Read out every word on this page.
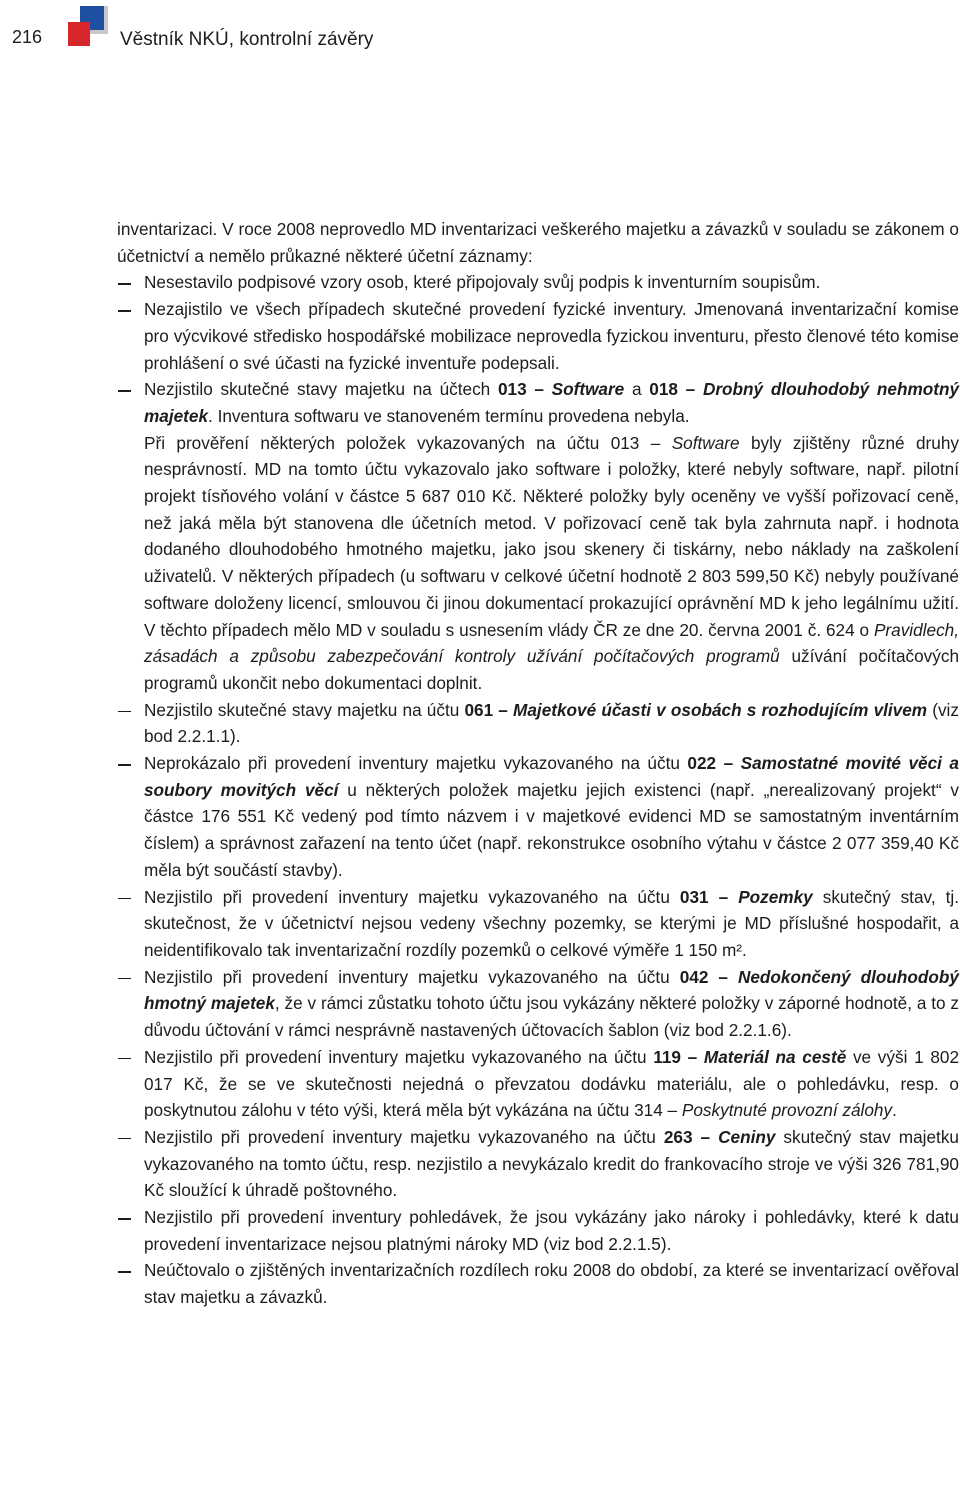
216	Věstník NKÚ, kontrolní závěry

inventarizaci. V roce 2008 neprovedlo MD inventarizaci veškerého majetku a závazků v souladu se zákonem o účetnictví a nemělo průkazné některé účetní záznamy:

Nesestavilo podpisové vzory osob, které připojovaly svůj podpis k inventurním soupisům.
Nezajistilo ve všech případech skutečné provedení fyzické inventury. Jmenovaná inventarizační komise pro výcvikové středisko hospodářské mobilizace neprovedla fyzickou inventuru, přesto členové této komise prohlášení o své účasti na fyzické inventuře podepsali.
Nezjistilo skutečné stavy majetku na účtech 013 – Software a 018 – Drobný dlouhodobý nehmotný majetek. Inventura softwaru ve stanoveném termínu provedena nebyla.

Při prověření některých položek vykazovaných na účtu 013 – Software byly zjištěny různé druhy nesprávností. MD na tomto účtu vykazovalo jako software i položky, které nebyly software, např. pilotní projekt tísňového volání v částce 5 687 010 Kč. Některé položky byly oceněny ve vyšší pořizovací ceně, než jaká měla být stanovena dle účetních metod. V pořizovací ceně tak byla zahrnuta např. i hodnota dodaného dlouhodobého hmotného majetku, jako jsou skenery či tiskárny, nebo náklady na zaškolení uživatelů. V některých případech (u softwaru v celkové účetní hodnotě 2 803 599,50 Kč) nebyly používané software doloženy licencí, smlouvou či jinou dokumentací prokazující oprávnění MD k jeho legálnímu užití. V těchto případech mělo MD v souladu s usnesením vlády ČR ze dne 20. června 2001 č. 624 o Pravidlech, zásadách a způsobu zabezpečování kontroly užívání počítačových programů užívání počítačových programů ukončit nebo dokumentaci doplnit.

Nezjistilo skutečné stavy majetku na účtu 061 – Majetkové účasti v osobách s rozhodujícím vlivem (viz bod 2.2.1.1).
Neprokázalo při provedení inventury majetku vykazovaného na účtu 022 – Samostatné movité věci a soubory movitých věcí u některých položek majetku jejich existenci (např. „nerealizovaný projekt“ v částce 176 551 Kč vedený pod tímto názvem i v majetkové evidenci MD se samostatným inventárním číslem) a správnost zařazení na tento účet (např. rekonstrukce osobního výtahu v částce 2 077 359,40 Kč měla být součástí stavby).
Nezjistilo při provedení inventury majetku vykazovaného na účtu 031 – Pozemky skutečný stav, tj. skutečnost, že v účetnictví nejsou vedeny všechny pozemky, se kterými je MD příslušné hospodařit, a neidentifikovalo tak inventarizační rozdíly pozemků o celkové výměře 1 150 m².
Nezjistilo při provedení inventury majetku vykazovaného na účtu 042 – Nedokončený dlouhodobý hmotný majetek, že v rámci zůstatku tohoto účtu jsou vykázány některé položky v záporné hodnotě, a to z důvodu účtování v rámci nesprávně nastavených účtovacích šablon (viz bod 2.2.1.6).
Nezjistilo při provedení inventury majetku vykazovaného na účtu 119 – Materiál na cestě ve výši 1 802 017 Kč, že se ve skutečnosti nejedná o převzatou dodávku materiálu, ale o pohledávku, resp. o poskytnutou zálohu v této výši, která měla být vykázána na účtu 314 – Poskytnuté provozní zálohy.
Nezjistilo při provedení inventury majetku vykazovaného na účtu 263 – Ceniny skutečný stav majetku vykazovaného na tomto účtu, resp. nezjistilo a nevykázalo kredit do frankovacího stroje ve výši 326 781,90 Kč sloužící k úhradě poštovného.
Nezjistilo při provedení inventury pohledávek, že jsou vykázány jako nároky i pohledávky, které k datu provedení inventarizace nejsou platnými nároky MD (viz bod 2.2.1.5).
Neúčtovalo o zjištěných inventarizačních rozdílech roku 2008 do období, za které se inventarizací ověřoval stav majetku a závazků.
